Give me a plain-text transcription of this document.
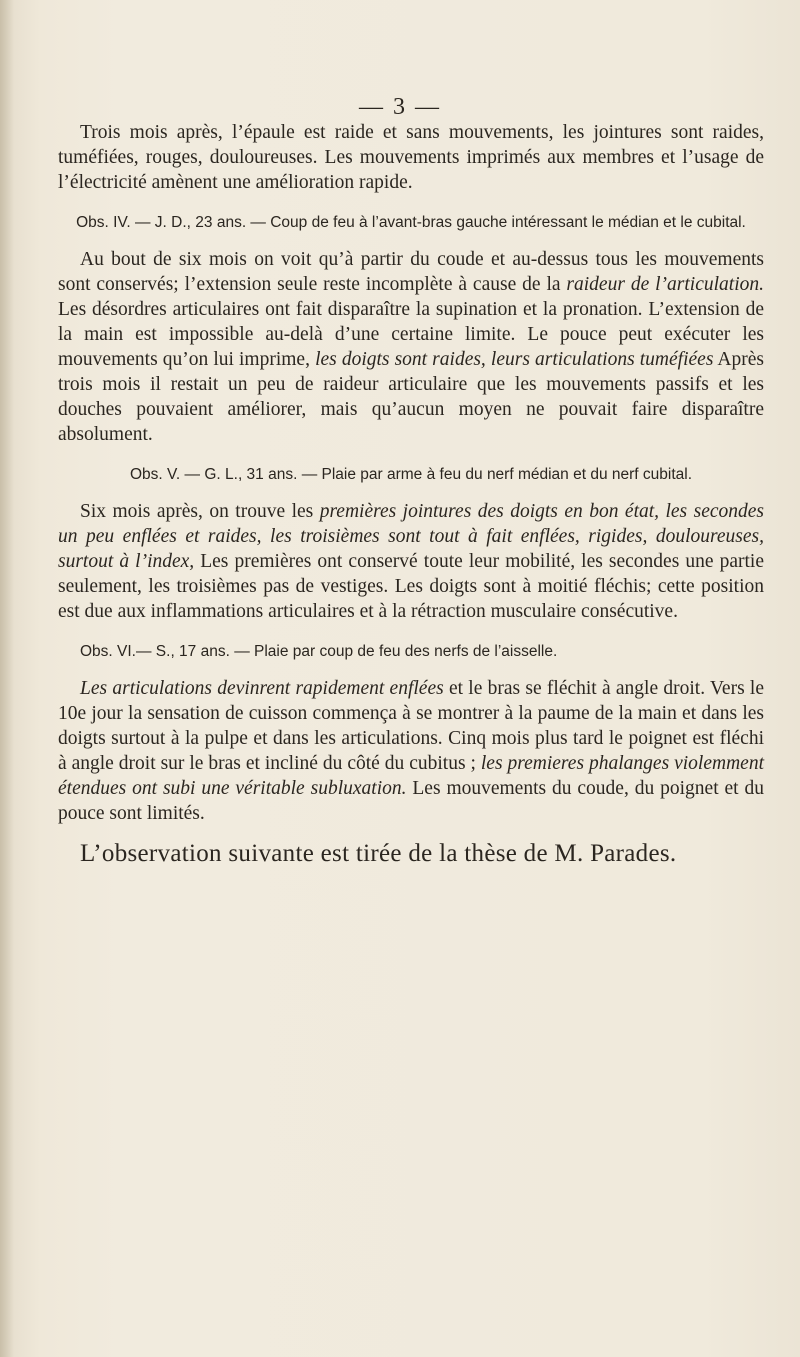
— 3 —

Trois mois après, l’épaule est raide et sans mouvements, les jointures sont raides, tuméfiées, rouges, douloureuses. Les mouvements imprimés aux membres et l’usage de l’électricité amènent une amélioration rapide.

Obs. IV. — J. D., 23 ans. — Coup de feu à l’avant-bras gauche intéressant le médian et le cubital.

Au bout de six mois on voit qu’à partir du coude et au-dessus tous les mouvements sont conservés; l’extension seule reste incomplète à cause de la raideur de l’articulation. Les désordres articulaires ont fait disparaître la supination et la pronation. L’extension de la main est impossible au-delà d’une certaine limite. Le pouce peut exécuter les mouvements qu’on lui imprime, les doigts sont raides, leurs articulations tuméfiées Après trois mois il restait un peu de raideur articulaire que les mouvements passifs et les douches pouvaient améliorer, mais qu’aucun moyen ne pouvait faire disparaître absolument.

Obs. V. — G. L., 31 ans. — Plaie par arme à feu du nerf médian et du nerf cubital.

Six mois après, on trouve les premières jointures des doigts en bon état, les secondes un peu enflées et raides, les troisièmes sont tout à fait enflées, rigides, douloureuses, surtout à l’index, Les premières ont conservé toute leur mobilité, les secondes une partie seulement, les troisièmes pas de vestiges. Les doigts sont à moitié fléchis; cette position est due aux inflammations articulaires et à la rétraction musculaire consécutive.

Obs. VI.— S., 17 ans. — Plaie par coup de feu des nerfs de l’aisselle.

Les articulations devinrent rapidement enflées et le bras se fléchit à angle droit. Vers le 10e jour la sensation de cuisson commença à se montrer à la paume de la main et dans les doigts surtout à la pulpe et dans les articulations. Cinq mois plus tard le poignet est fléchi à angle droit sur le bras et incliné du côté du cubitus ; les premieres phalanges violemment étendues ont subi une véritable subluxation. Les mouvements du coude, du poignet et du pouce sont limités.

L’observation suivante est tirée de la thèse de M. Parades.
